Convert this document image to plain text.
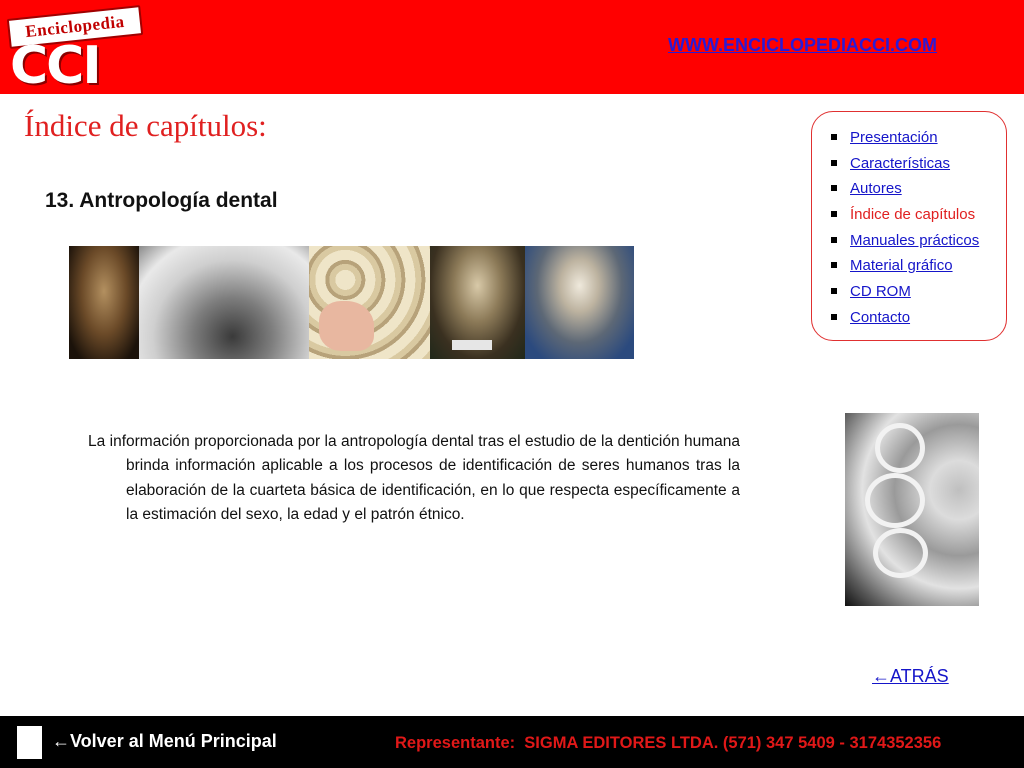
Enciclopedia
CCI	WWW.ENCICLOPEDIACCI.COM
Índice de capítulos:
13. Antropología dental
Presentación
Características
Autores
Índice de capítulos
Manuales prácticos
Material gráfico
CD ROM
Contacto
La información proporcionada por la antropología dental tras el estudio de la dentición humana brinda información aplicable a los procesos de identificación de seres humanos tras la elaboración de la cuarteta básica de identificación, en lo que respecta específicamente a la estimación del sexo, la edad y el patrón étnico.
←ATRÁS
←Volver al Menú Principal	Representante:  SIGMA EDITORES LTDA. (571) 347 5409 - 3174352356
